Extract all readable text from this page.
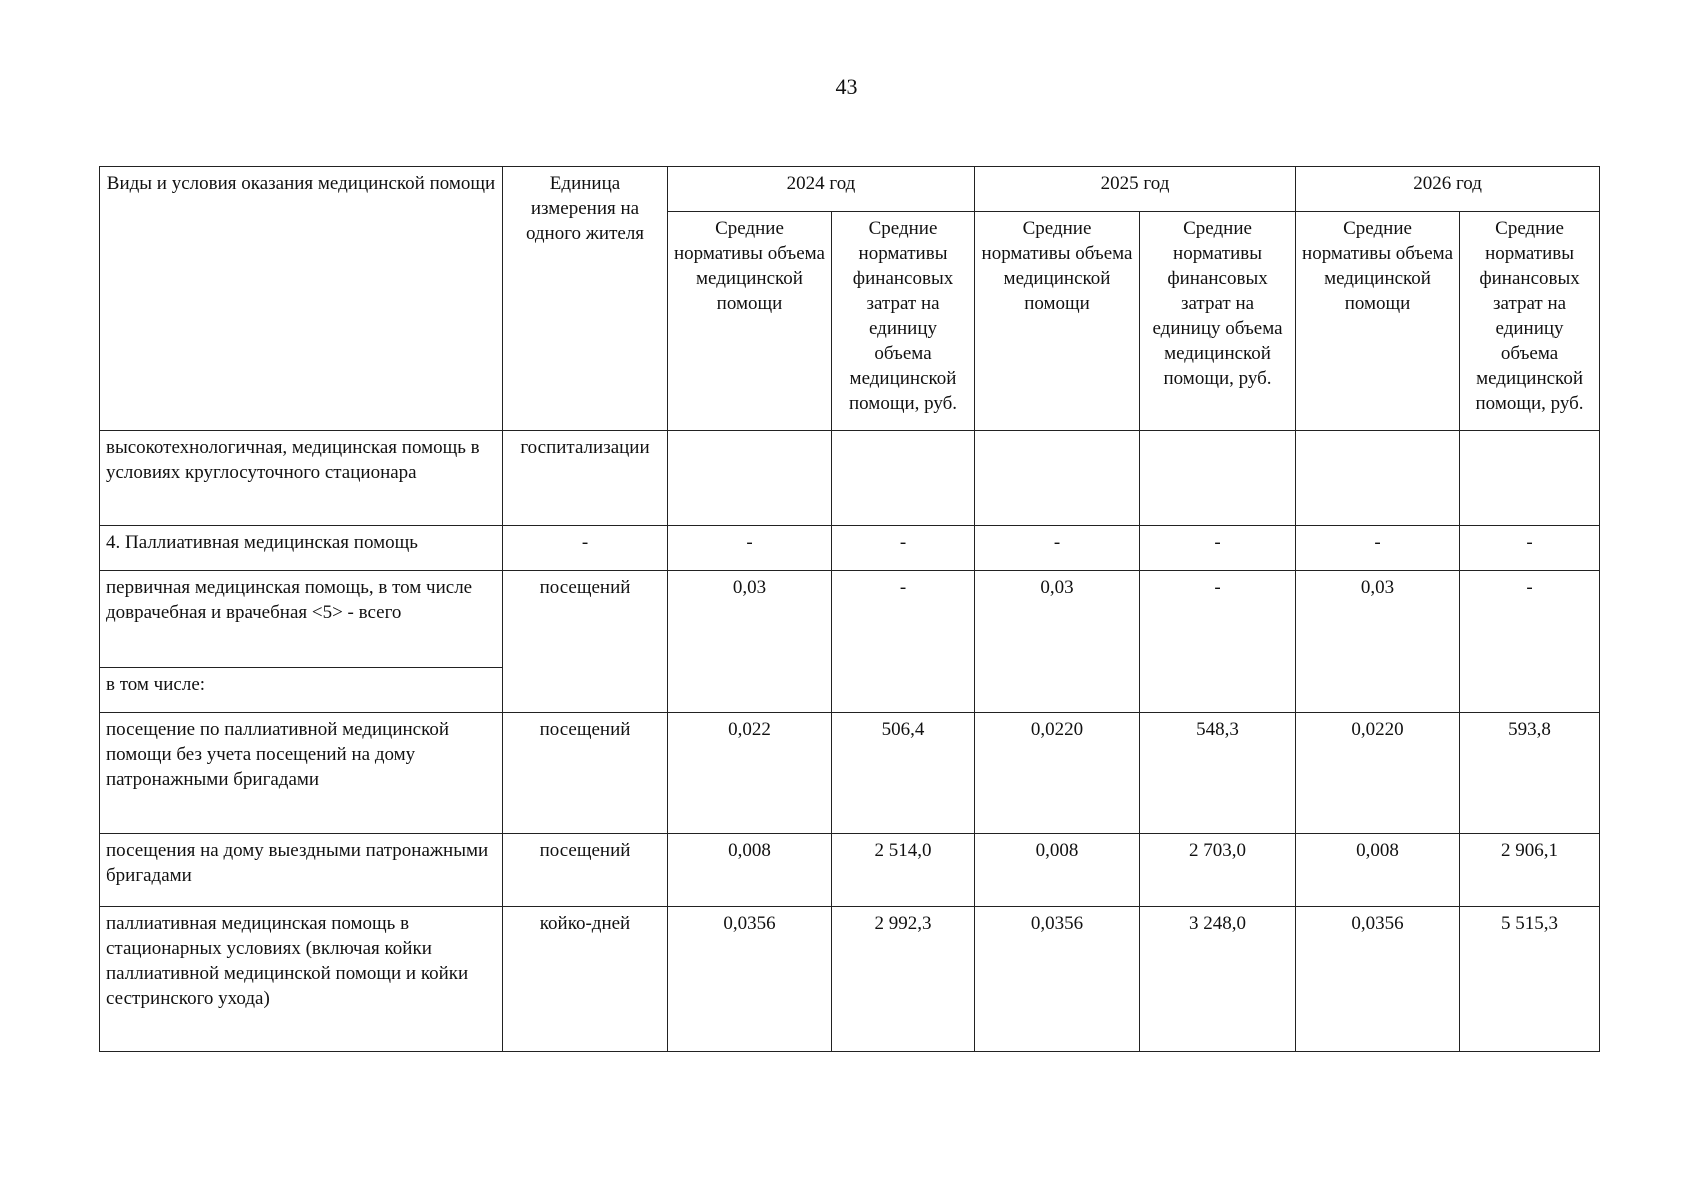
43
Виды и условия оказания медицинской помощи	Единица измерения на одного жителя	2024 год		2025 год		2026 год	
		Средние нормативы объема медицинской помощи	Средние нормативы финансовых затрат на единицу объема медицинской помощи, руб.	Средние нормативы объема медицинской помощи	Средние нормативы финансовых затрат на единицу объема медицинской помощи, руб.	Средние нормативы объема медицинской помощи	Средние нормативы финансовых затрат на единицу объема медицинской помощи, руб.
высокотехнологичная, медицинская помощь в условиях круглосуточного стационара	госпитализации						
4. Паллиативная медицинская помощь	-	-	-	-	-	-	-
первичная медицинская помощь, в том числе доврачебная и врачебная <5> - всего	посещений	0,03	-	0,03	-	0,03	-
в том числе:							
посещение по паллиативной медицинской помощи без учета посещений на дому патронажными бригадами	посещений	0,022	506,4	0,0220	548,3	0,0220	593,8
посещения на дому выездными патронажными бригадами	посещений	0,008	2 514,0	0,008	2 703,0	0,008	2 906,1
паллиативная медицинская помощь в стационарных условиях (включая койки паллиативной медицинской помощи и койки сестринского ухода)	койко-дней	0,0356	2 992,3	0,0356	3 248,0	0,0356	5 515,3
